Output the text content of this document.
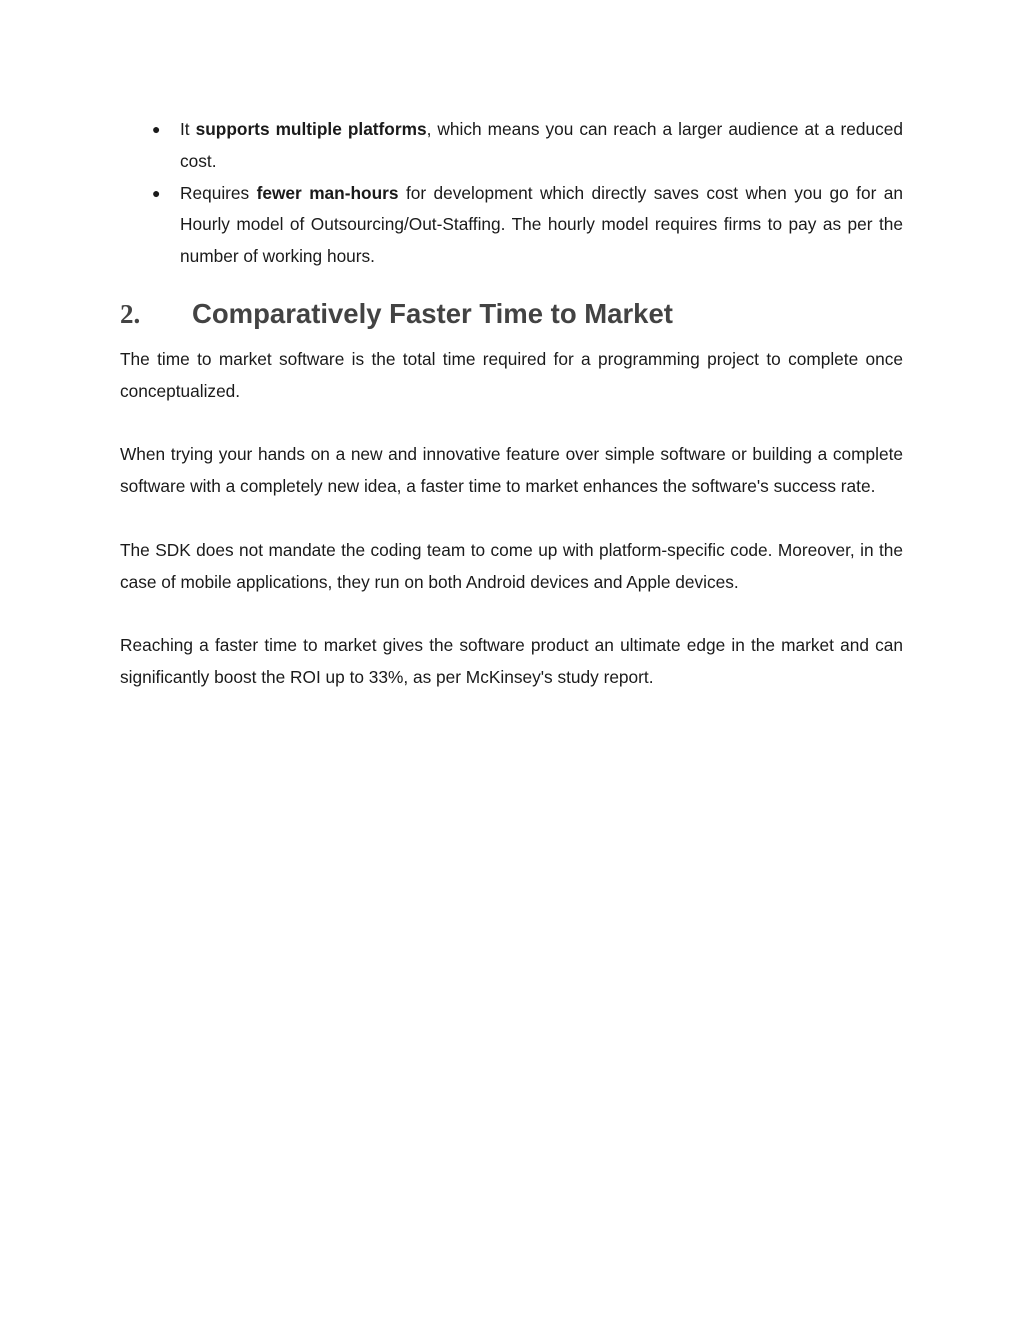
● It supports multiple platforms, which means you can reach a larger audience at a reduced cost.
● Requires fewer man-hours for development which directly saves cost when you go for an Hourly model of Outsourcing/Out-Staffing. The hourly model requires firms to pay as per the number of working hours.
2.	Comparatively Faster Time to Market

The time to market software is the total time required for a programming project to complete once conceptualized.

When trying your hands on a new and innovative feature over simple software or building a complete software with a completely new idea, a faster time to market enhances the software's success rate.

The SDK does not mandate the coding team to come up with platform-specific code. Moreover, in the case of mobile applications, they run on both Android devices and Apple devices.

Reaching a faster time to market gives the software product an ultimate edge in the market and can significantly boost the ROI up to 33%, as per McKinsey's study report.
